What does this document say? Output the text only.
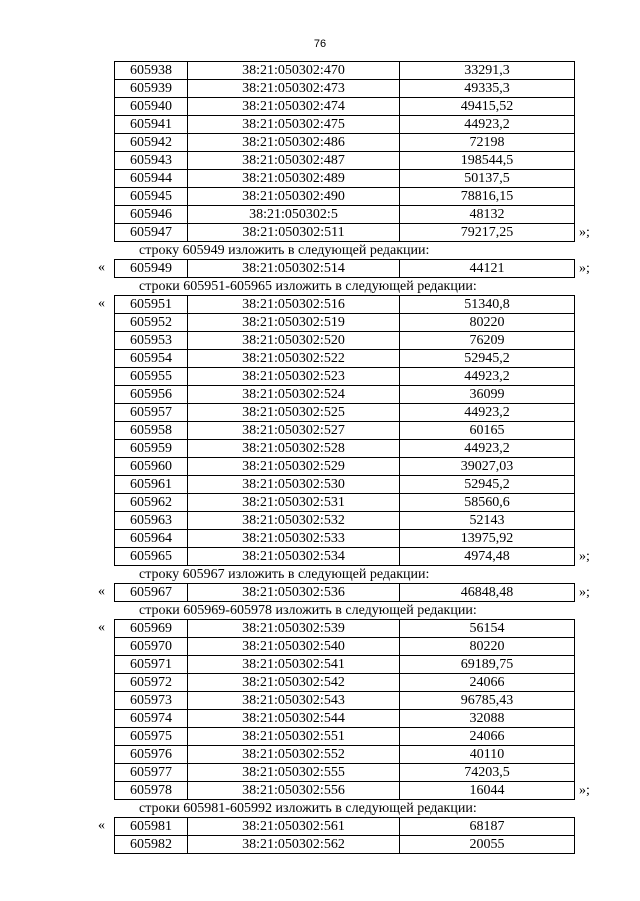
76
605938	38:21:050302:470	33291,3
605939	38:21:050302:473	49335,3
605940	38:21:050302:474	49415,52
605941	38:21:050302:475	44923,2
605942	38:21:050302:486	72198
605943	38:21:050302:487	198544,5
605944	38:21:050302:489	50137,5
605945	38:21:050302:490	78816,15
605946	38:21:050302:5	48132
605947	38:21:050302:511	79217,25	»;
строку 605949 изложить в следующей редакции:
605949	38:21:050302:514	44121
«	»;
строки 605951-605965 изложить в следующей редакции:
605951	38:21:050302:516	51340,8
605952	38:21:050302:519	80220
605953	38:21:050302:520	76209
605954	38:21:050302:522	52945,2
605955	38:21:050302:523	44923,2
605956	38:21:050302:524	36099
605957	38:21:050302:525	44923,2
605958	38:21:050302:527	60165
605959	38:21:050302:528	44923,2
605960	38:21:050302:529	39027,03
605961	38:21:050302:530	52945,2
605962	38:21:050302:531	58560,6
605963	38:21:050302:532	52143
605964	38:21:050302:533	13975,92
605965	38:21:050302:534	4974,48
«
»;
строку 605967 изложить в следующей редакции:
605967	38:21:050302:536	46848,48
«	»;
строки 605969-605978 изложить в следующей редакции:
605969	38:21:050302:539	56154
605970	38:21:050302:540	80220
605971	38:21:050302:541	69189,75
605972	38:21:050302:542	24066
605973	38:21:050302:543	96785,43
605974	38:21:050302:544	32088
605975	38:21:050302:551	24066
605976	38:21:050302:552	40110
605977	38:21:050302:555	74203,5
605978	38:21:050302:556	16044
«
»;
строки 605981-605992 изложить в следующей редакции:
605981	38:21:050302:561	68187
605982	38:21:050302:562	20055
«
